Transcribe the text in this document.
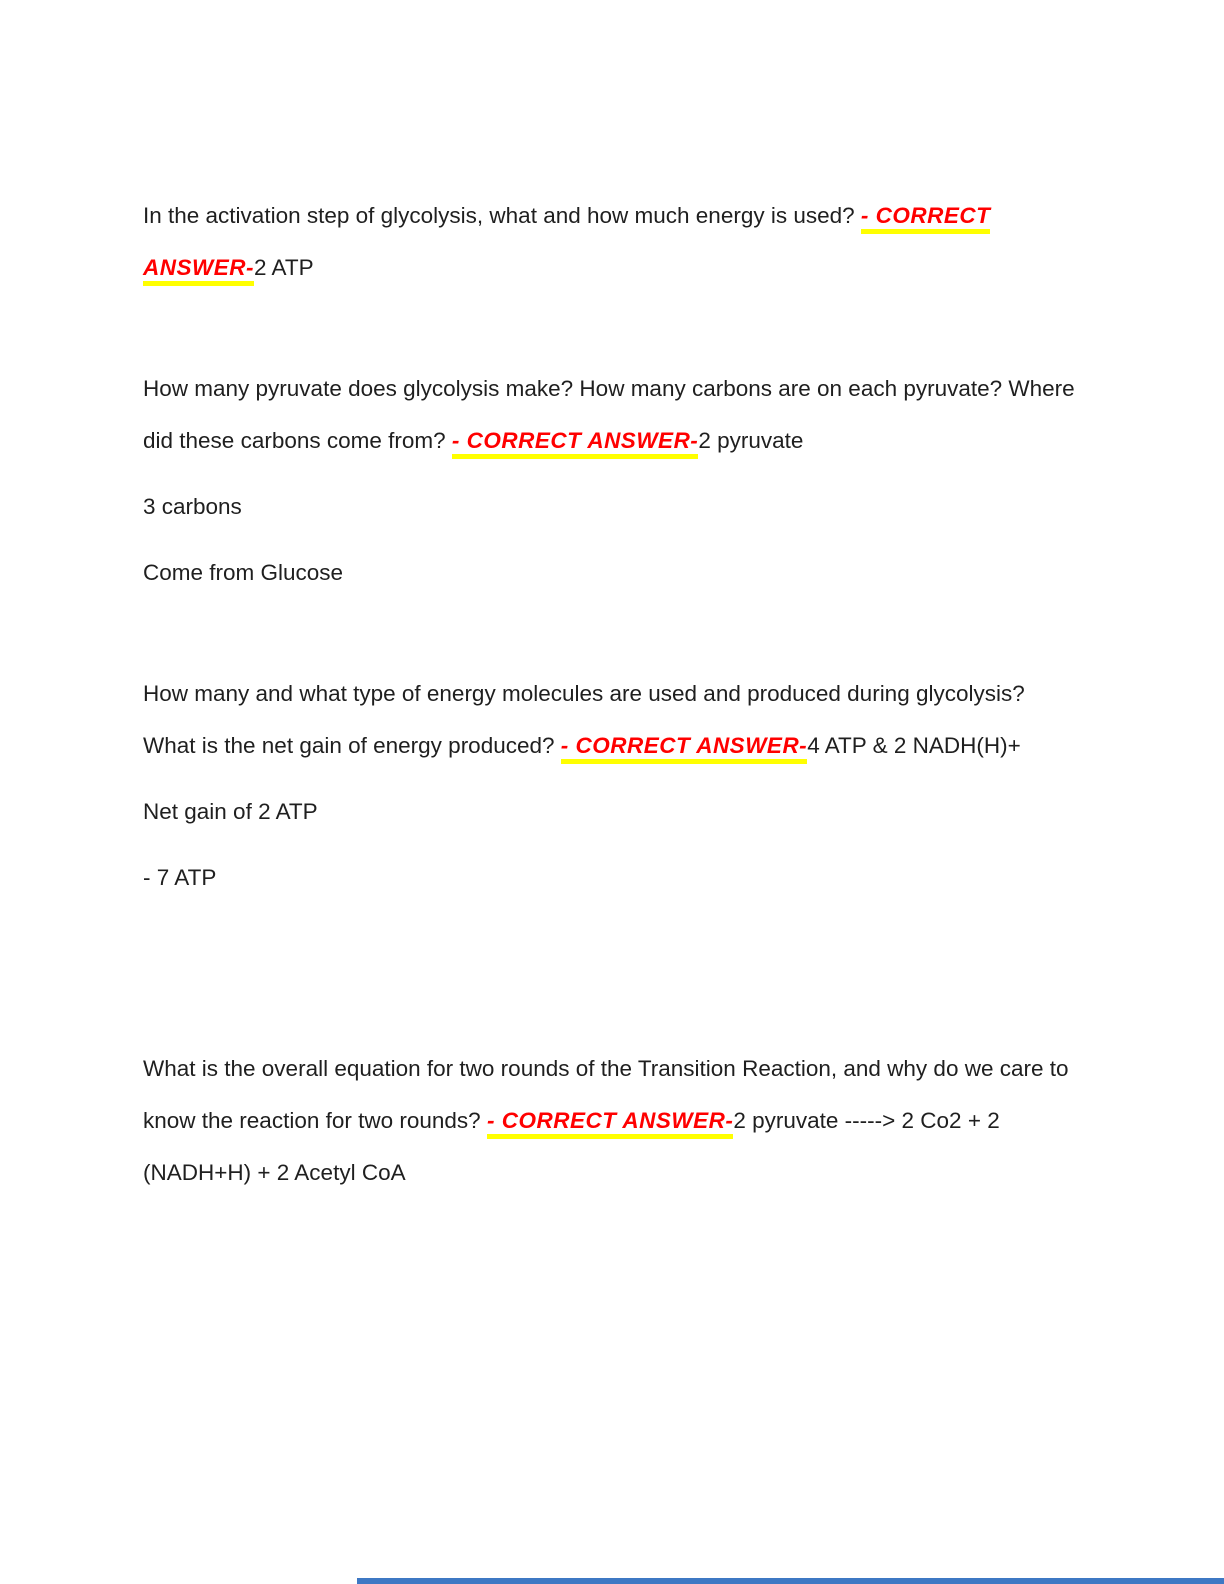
In the activation step of glycolysis, what and how much energy is used? - CORRECT ANSWER-2 ATP

How many pyruvate does glycolysis make? How many carbons are on each pyruvate? Where did these carbons come from? - CORRECT ANSWER-2 pyruvate

3 carbons

Come from Glucose

How many and what type of energy molecules are used and produced during glycolysis? What is the net gain of energy produced? - CORRECT ANSWER-4 ATP & 2 NADH(H)+

Net gain of 2 ATP

- 7 ATP

What is the overall equation for two rounds of the Transition Reaction, and why do we care to know the reaction for two rounds? - CORRECT ANSWER-2 pyruvate -----> 2 Co2 + 2 (NADH+H) + 2 Acetyl CoA
